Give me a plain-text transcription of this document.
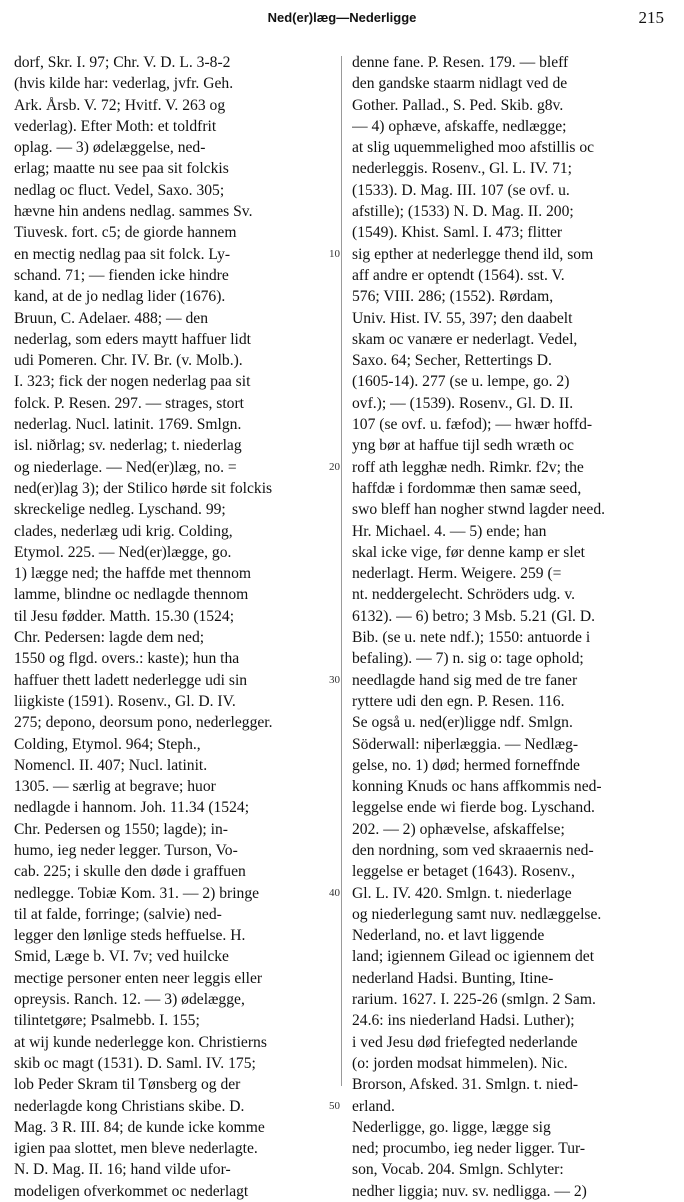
Ned(er)læg—Nederligge	215
dorf, Skr. I. 97; Chr. V. D. L. 3-8-2
(hvis kilde har: vederlag, jvfr. Geh.
Ark. Årsb. V. 72; Hvitf. V. 263 og
vederlag). Efter Moth: et toldfrit
oplag. — 3) ødelæggelse, ned-
erlag; maatte nu see paa sit folckis
nedlag oc fluct. Vedel, Saxo. 305;
hævne hin andens nedlag. sammes Sv.
Tiuvesk. fort. c5; de giorde hannem
en mectig nedlag paa sit folck. Ly-
schand. 71; — fienden icke hindre
kand, at de jo nedlag lider (1676).
Bruun, C. Adelaer. 488; — den
nederlag, som eders maytt haffuer lidt
udi Pomeren. Chr. IV. Br. (v. Molb.).
I. 323; fick der nogen nederlag paa sit
folck. P. Resen. 297. — strages, stort
nederlag. Nucl. latinit. 1769. Smlgn.
isl. niðrlag; sv. nederlag; t. niederlag
og niederlage. — Ned(er)læg, no. =
ned(er)lag 3); der Stilico hørde sit folckis
skreckelige nedleg. Lyschand. 99;
clades, nederlæg udi krig. Colding,
Etymol. 225. — Ned(er)lægge, go.
1) lægge ned; the haffde met thennom
lamme, blindne oc nedlagde thennom
til Jesu fødder. Matth. 15.30 (1524;
Chr. Pedersen: lagde dem ned;
1550 og flgd. overs.: kaste); hun tha
haffuer thett ladett nederlegge udi sin
liigkiste (1591). Rosenv., Gl. D. IV.
275; depono, deorsum pono, nederlegger.
Colding, Etymol. 964; Steph.,
Nomencl. II. 407; Nucl. latinit.
1305. — særlig at begrave; huor
nedlagde i hannom. Joh. 11.34 (1524;
Chr. Pedersen og 1550; lagde); in-
humo, ieg neder legger. Turson, Vo-
cab. 225; i skulle den døde i graffuen
nedlegge. Tobiæ Kom. 31. — 2) bringe
til at falde, forringe; (salvie) ned-
legger den lønlige steds heffuelse. H.
Smid, Læge b. VI. 7v; ved huilcke
mectige personer enten neer leggis eller
opreysis. Ranch. 12. — 3) ødelægge,
tilintetgøre; Psalmebb. I. 155;
at wij kunde nederlegge kon. Christierns
skib oc magt (1531). D. Saml. IV. 175;
lob Peder Skram til Tønsberg og der
nederlagde kong Christians skibe. D.
Mag. 3 R. III. 84; de kunde icke komme
igien paa slottet, men bleve nederlagte.
N. D. Mag. II. 16; hand vilde ufor-
modeligen ofverkommet oc nederlagt
denne fane. P. Resen. 179. — bleff
den gandske staarm nidlagt ved de
Gother. Pallad., S. Ped. Skib. g8v.
— 4) ophæve, afskaffe, nedlægge;
at slig uquemmelighed moo afstillis oc
nederleggis. Rosenv., Gl. L. IV. 71;
(1533). D. Mag. III. 107 (se ovf. u.
afstille); (1533) N. D. Mag. II. 200;
(1549). Khist. Saml. I. 473; flitter
sig epther at nederlegge thend ild, som
aff andre er optendt (1564). sst. V.
576; VIII. 286; (1552). Rørdam,
Univ. Hist. IV. 55, 397; den daabelt
skam oc vanære er nederlagt. Vedel,
Saxo. 64; Secher, Rettertings D.
(1605-14). 277 (se u. lempe, go. 2)
ovf.); — (1539). Rosenv., Gl. D. II.
107 (se ovf. u. fæfod); — hwær hoffd-
yng bør at haffue tijl sedh wræth oc
roff ath legghæ nedh. Rimkr. f2v; the
haffdæ i fordommæ then samæ seed,
swo bleff han nogher stwnd lagder need.
Hr. Michael. 4. — 5) ende; han
skal icke vige, før denne kamp er slet
nederlagt. Herm. Weigere. 259 (=
nt. neddergelecht. Schröders udg. v.
6132). — 6) betro; 3 Msb. 5.21 (Gl. D.
Bib. (se u. nete ndf.); 1550: antuorde i
befaling). — 7) n. sig o: tage ophold;
needlagde hand sig med de tre faner
ryttere udi den egn. P. Resen. 116.
Se også u. ned(er)ligge ndf. Smlgn.
Söderwall: niþerlæggia. — Nedlæg-
gelse, no. 1) død; hermed forneffnde
konning Knuds oc hans affkommis ned-
leggelse ende wi fierde bog. Lyschand.
202. — 2) ophævelse, afskaffelse;
den nordning, som ved skraaernis ned-
leggelse er betaget (1643). Rosenv.,
Gl. L. IV. 420. Smlgn. t. niederlage
og niederlegung samt nuv. nedlæggelse.
Nederland, no. et lavt liggende
land; igiennem Gilead oc igiennem det
nederland Hadsi. Bunting, Itine-
rarium. 1627. I. 225-26 (smlgn. 2 Sam.
24.6: ins niederland Hadsi. Luther);
i ved Jesu død friefegted nederlande
(o: jorden modsat himmelen). Nic.
Brorson, Afsked. 31. Smlgn. t. nied-
erland.
Nederligge, go. ligge, lægge sig
ned; procumbo, ieg neder ligger. Tur-
son, Vocab. 204. Smlgn. Schlyter:
nedher liggia; nuv. sv. nedligga. — 2)
10
20
30
40
50
